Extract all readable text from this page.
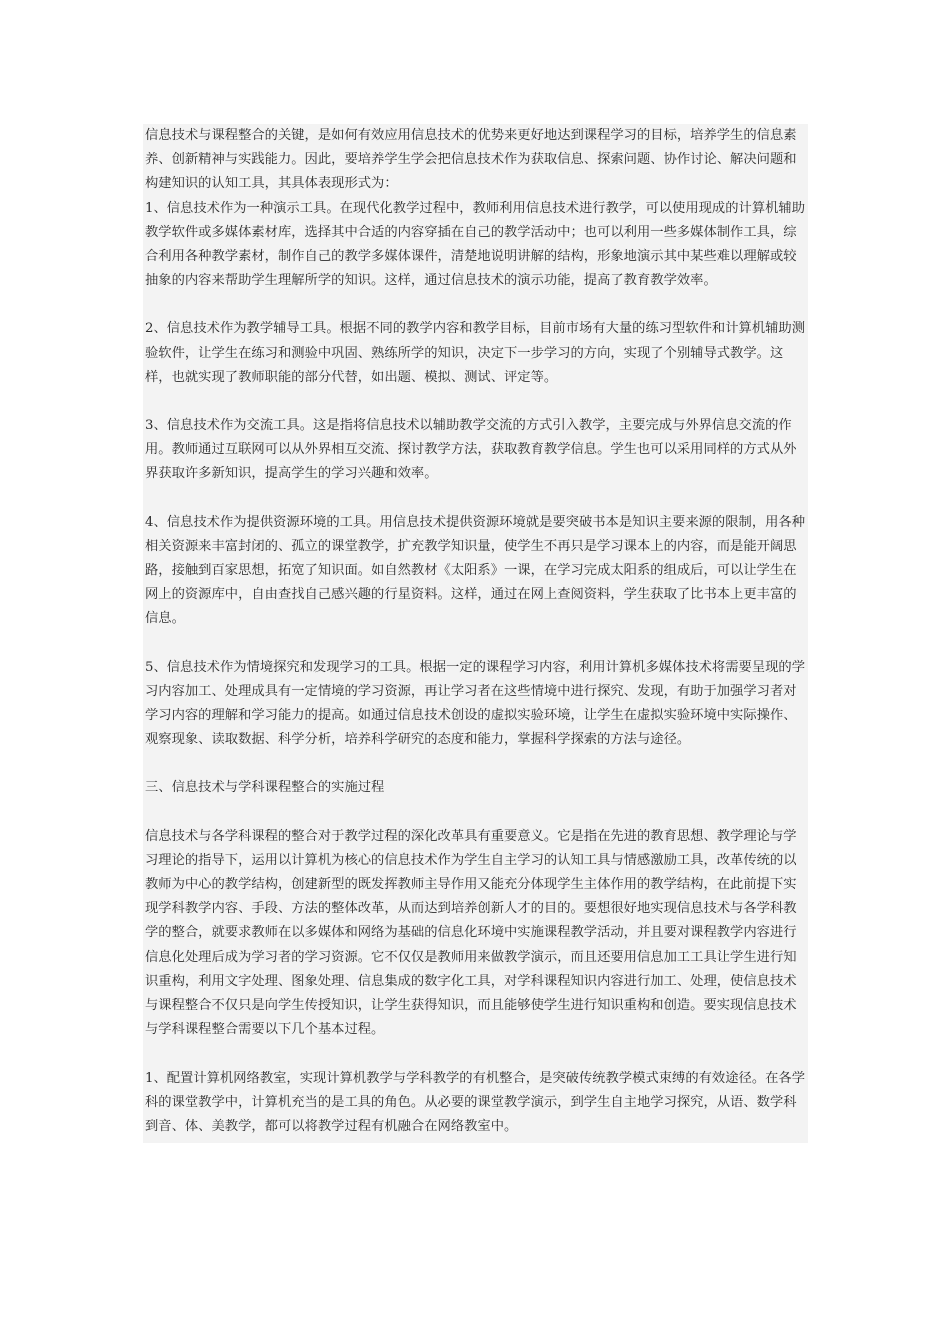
信息技术与课程整合的关键，是如何有效应用信息技术的优势来更好地达到课程学习的目标，培养学生的信息素养、创新精神与实践能力。因此，要培养学生学会把信息技术作为获取信息、探索问题、协作讨论、解决问题和构建知识的认知工具，其具体表现形式为：

1、信息技术作为一种演示工具。在现代化教学过程中，教师利用信息技术进行教学，可以使用现成的计算机辅助教学软件或多媒体素材库，选择其中合适的内容穿插在自己的教学活动中；也可以利用一些多媒体制作工具，综合利用各种教学素材，制作自己的教学多媒体课件，清楚地说明讲解的结构，形象地演示其中某些难以理解或较抽象的内容来帮助学生理解所学的知识。这样，通过信息技术的演示功能，提高了教育教学效率。

2、信息技术作为教学辅导工具。根据不同的教学内容和教学目标，目前市场有大量的练习型软件和计算机辅助测验软件，让学生在练习和测验中巩固、熟练所学的知识，决定下一步学习的方向，实现了个别辅导式教学。这样，也就实现了教师职能的部分代替，如出题、模拟、测试、评定等。

3、信息技术作为交流工具。这是指将信息技术以辅助教学交流的方式引入教学，主要完成与外界信息交流的作用。教师通过互联网可以从外界相互交流、探讨教学方法，获取教育教学信息。学生也可以采用同样的方式从外界获取许多新知识，提高学生的学习兴趣和效率。

4、信息技术作为提供资源环境的工具。用信息技术提供资源环境就是要突破书本是知识主要来源的限制，用各种相关资源来丰富封闭的、孤立的课堂教学，扩充教学知识量，使学生不再只是学习课本上的内容，而是能开阔思路，接触到百家思想，拓宽了知识面。如自然教材《太阳系》一课，在学习完成太阳系的组成后，可以让学生在网上的资源库中，自由查找自己感兴趣的行星资料。这样，通过在网上查阅资料，学生获取了比书本上更丰富的信息。

5、信息技术作为情境探究和发现学习的工具。根据一定的课程学习内容，利用计算机多媒体技术将需要呈现的学习内容加工、处理成具有一定情境的学习资源，再让学习者在这些情境中进行探究、发现，有助于加强学习者对学习内容的理解和学习能力的提高。如通过信息技术创设的虚拟实验环境，让学生在虚拟实验环境中实际操作、观察现象、读取数据、科学分析，培养科学研究的态度和能力，掌握科学探索的方法与途径。

三、信息技术与学科课程整合的实施过程

信息技术与各学科课程的整合对于教学过程的深化改革具有重要意义。它是指在先进的教育思想、教学理论与学习理论的指导下，运用以计算机为核心的信息技术作为学生自主学习的认知工具与情感激励工具，改革传统的以教师为中心的教学结构，创建新型的既发挥教师主导作用又能充分体现学生主体作用的教学结构，在此前提下实现学科教学内容、手段、方法的整体改革，从而达到培养创新人才的目的。要想很好地实现信息技术与各学科教学的整合，就要求教师在以多媒体和网络为基础的信息化环境中实施课程教学活动，并且要对课程教学内容进行信息化处理后成为学习者的学习资源。它不仅仅是教师用来做教学演示，而且还要用信息加工工具让学生进行知识重构，利用文字处理、图象处理、信息集成的数字化工具，对学科课程知识内容进行加工、处理，使信息技术与课程整合不仅只是向学生传授知识，让学生获得知识，而且能够使学生进行知识重构和创造。要实现信息技术与学科课程整合需要以下几个基本过程。

1、配置计算机网络教室，实现计算机教学与学科教学的有机整合，是突破传统教学模式束缚的有效途径。在各学科的课堂教学中，计算机充当的是工具的角色。从必要的课堂教学演示，到学生自主地学习探究，从语、数学科到音、体、美教学，都可以将教学过程有机融合在网络教室中。
